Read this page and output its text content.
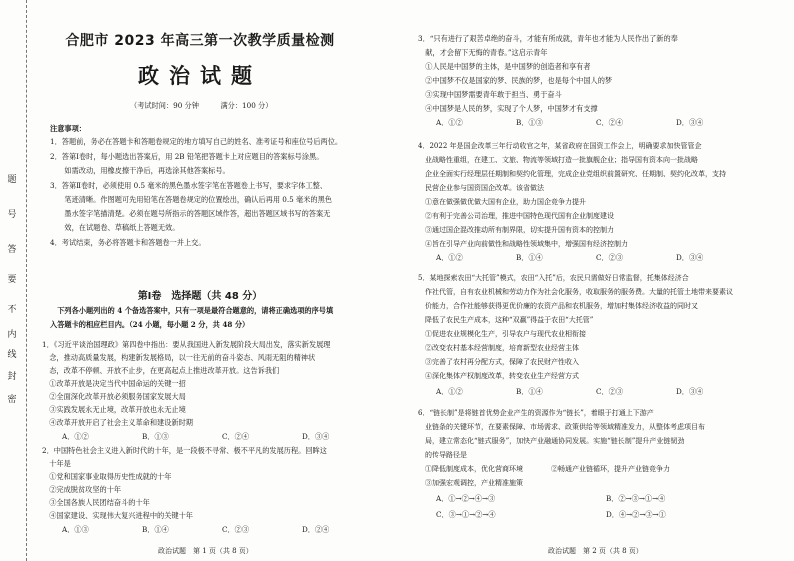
题
号
答
要
不
内
线
封
密
合肥市 2023 年高三第一次教学质量检测
政治试题
（考试时间：90 分钟　　　满分：100 分）
注意事项：
1．答题前，务必在答题卡和答题卷规定的地方填写自己的姓名、准考证号和座位号后两位。
2．答第Ⅰ卷时，每小题选出答案后，用 2B 铅笔把答题卡上对应题目的答案标号涂黑。
　　如需改动，用橡皮擦干净后，再选涂其他答案标号。
3．答第Ⅱ卷时，必须使用 0.5 毫米的黑色墨水签字笔在答题卷上书写，要求字体工整、
　　笔迹清晰。作图题可先用铅笔在答题卷规定的位置绘出，确认后再用 0.5 毫米的黑色
　　墨水签字笔描清楚。必须在题号所指示的答题区域作答，超出答题区域书写的答案无
　　效，在试题卷、草稿纸上答题无效。
4．考试结束，务必将答题卡和答题卷一并上交。
第Ⅰ卷　选择题（共 48 分）
　下列各小题列出的 4 个备选答案中，只有一项是最符合题意的，请将正确选项的序号填
入答题卡的相应栏目内。（24 小题，每小题 2 分，共 48 分）
1．《习近平谈治国理政》第四卷中指出：要从我国进入新发展阶段大局出发，落实新发展理
　念，推动高质量发展，构建新发展格局，以一往无前的奋斗姿态、风雨无阻的精神状
　态，改革不停顿、开放不止步，在更高起点上推进改革开放。这告诉我们
　①改革开放是决定当代中国命运的关键一招
　②全面深化改革开放必须服务国家发展大局
　③实践发展永无止境，改革开放也永无止境
　④改革开放开启了社会主义革命和建设新时期
A．①②	B．①③	C．②④	D．③④
2．中国特色社会主义进入新时代的十年，是一段极不寻常、极不平凡的发展历程。回眸这
　十年是
　①党和国家事业取得历史性成就的十年
　②完成脱贫攻坚的十年
　③全国各族人民团结奋斗的十年
　④国家建设、实现伟大复兴进程中的关键十年
A．①③	B．①④	C．②③	D．②④
政治试题　第 1 页（共 8 页）
3．“只有进行了艰苦卓绝的奋斗，才能有所成就，青年也才能为人民作出了新的奉
　献，才会留下无悔的青春。”这启示青年
　①人民是中国梦的主体，是中国梦的创造者和享有者
　②中国梦不仅是国家的梦、民族的梦，也是每个中国人的梦
　③实现中国梦需要青年敢于担当、勇于奋斗
　④中国梦是人民的梦，实现了个人梦，中国梦才有支撑
A．①②	B．①③	C．②④	D．③④
4．2022 年是国企改革三年行动收官之年，某省政府在国资工作会上，明确要求加快管管企
　业战略性重组，在建工、文旅、物流等领域打造一批旗舰企业；指导国有资本向一批战略
　企业全面实行经理层任期制和契约化管理，完成企业党组织前置研究、任期制、契约化改革，支持
　民营企业参与国资国企改革。该省做法
　①意在做强做优做大国有企业，助力国企竞争力提升
　②有利于完善公司治理，推进中国特色现代国有企业制度建设
　③通过国企混改推动所有制界限，切实提升国有资本的控制力
　④旨在引导产业向前做性和战略性领域集中，增强国有经济控制力
A．①②	B．①④	C．②③	D．③④
5．某地探索农田“大托管”模式，农田“入托”后，农民只需做好日常监督，托集体经济合
　作社代管，自有农业机械和劳动力作为社会化服务，收取服务的服务费。大量的托管土地带来要素议
　价能力，合作社能够获得更优价廉的农资产品和农机服务，增加村集体经济收益的同时又
　降低了农民生产成本，这种“双赢”得益于农田“大托管”
　①促进农业规模化生产，引导农户与现代农业相衔接
　②改变农村基本经营制度，培育新型农业经营主体
　③完善了农村再分配方式，保障了农民财产性收入
　④深化集体产权制度改革，转变农业生产经营方式
A．①②	B．①④	C．②③	D．③④
6．“链长制”是将链首优势企业产生的资源作为“链长”，着眼于打通上下游产
　业链条的关键环节，在要素保障、市场需求、政策供给等领域精准发力，从整体考虑项目布
　局，建立常态化“链式服务”，加快产业融通协同发展。实施“链长制”提升产业链韧劲
　的传导路径是
　①降低制度成本，优化营商环境　　　　②畅通产业链循环，提升产业链竞争力
　③加强宏观调控，产业精准施策
A．①→②→④→③	B．②→③→①→④
C．③→①→②→④	D．④→②→③→①
政治试题　第 2 页（共 8 页）
